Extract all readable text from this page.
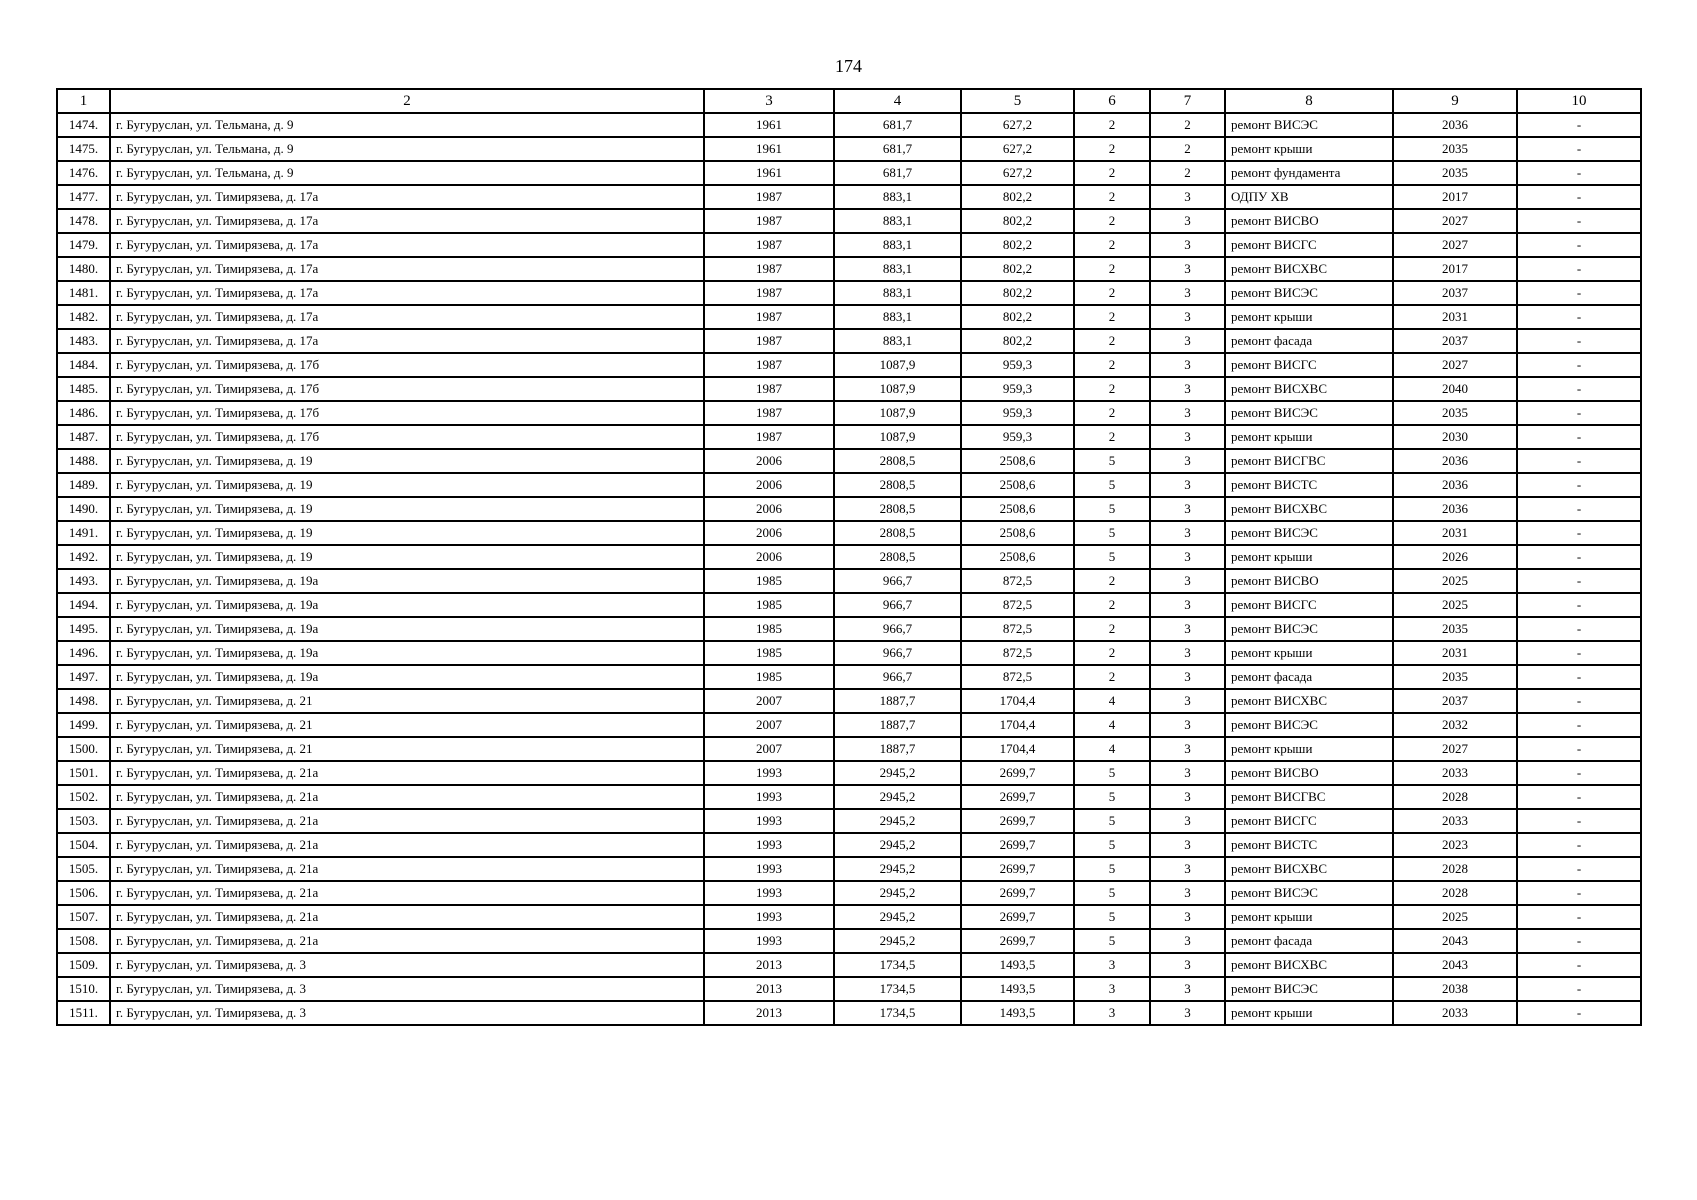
174
1	2	3	4	5	6	7	8	9	10
1474.	г. Бугуруслан, ул. Тельмана, д. 9	1961	681,7	627,2	2	2	ремонт ВИСЭС	2036	-
1475.	г. Бугуруслан, ул. Тельмана, д. 9	1961	681,7	627,2	2	2	ремонт крыши	2035	-
1476.	г. Бугуруслан, ул. Тельмана, д. 9	1961	681,7	627,2	2	2	ремонт фундамента	2035	-
1477.	г. Бугуруслан, ул. Тимирязева, д. 17а	1987	883,1	802,2	2	3	ОДПУ ХВ	2017	-
1478.	г. Бугуруслан, ул. Тимирязева, д. 17а	1987	883,1	802,2	2	3	ремонт ВИСВО	2027	-
1479.	г. Бугуруслан, ул. Тимирязева, д. 17а	1987	883,1	802,2	2	3	ремонт ВИСГС	2027	-
1480.	г. Бугуруслан, ул. Тимирязева, д. 17а	1987	883,1	802,2	2	3	ремонт ВИСХВС	2017	-
1481.	г. Бугуруслан, ул. Тимирязева, д. 17а	1987	883,1	802,2	2	3	ремонт ВИСЭС	2037	-
1482.	г. Бугуруслан, ул. Тимирязева, д. 17а	1987	883,1	802,2	2	3	ремонт крыши	2031	-
1483.	г. Бугуруслан, ул. Тимирязева, д. 17а	1987	883,1	802,2	2	3	ремонт фасада	2037	-
1484.	г. Бугуруслан, ул. Тимирязева, д. 17б	1987	1087,9	959,3	2	3	ремонт ВИСГС	2027	-
1485.	г. Бугуруслан, ул. Тимирязева, д. 17б	1987	1087,9	959,3	2	3	ремонт ВИСХВС	2040	-
1486.	г. Бугуруслан, ул. Тимирязева, д. 17б	1987	1087,9	959,3	2	3	ремонт ВИСЭС	2035	-
1487.	г. Бугуруслан, ул. Тимирязева, д. 17б	1987	1087,9	959,3	2	3	ремонт крыши	2030	-
1488.	г. Бугуруслан, ул. Тимирязева, д. 19	2006	2808,5	2508,6	5	3	ремонт ВИСГВС	2036	-
1489.	г. Бугуруслан, ул. Тимирязева, д. 19	2006	2808,5	2508,6	5	3	ремонт ВИСТС	2036	-
1490.	г. Бугуруслан, ул. Тимирязева, д. 19	2006	2808,5	2508,6	5	3	ремонт ВИСХВС	2036	-
1491.	г. Бугуруслан, ул. Тимирязева, д. 19	2006	2808,5	2508,6	5	3	ремонт ВИСЭС	2031	-
1492.	г. Бугуруслан, ул. Тимирязева, д. 19	2006	2808,5	2508,6	5	3	ремонт крыши	2026	-
1493.	г. Бугуруслан, ул. Тимирязева, д. 19а	1985	966,7	872,5	2	3	ремонт ВИСВО	2025	-
1494.	г. Бугуруслан, ул. Тимирязева, д. 19а	1985	966,7	872,5	2	3	ремонт ВИСГС	2025	-
1495.	г. Бугуруслан, ул. Тимирязева, д. 19а	1985	966,7	872,5	2	3	ремонт ВИСЭС	2035	-
1496.	г. Бугуруслан, ул. Тимирязева, д. 19а	1985	966,7	872,5	2	3	ремонт крыши	2031	-
1497.	г. Бугуруслан, ул. Тимирязева, д. 19а	1985	966,7	872,5	2	3	ремонт фасада	2035	-
1498.	г. Бугуруслан, ул. Тимирязева, д. 21	2007	1887,7	1704,4	4	3	ремонт ВИСХВС	2037	-
1499.	г. Бугуруслан, ул. Тимирязева, д. 21	2007	1887,7	1704,4	4	3	ремонт ВИСЭС	2032	-
1500.	г. Бугуруслан, ул. Тимирязева, д. 21	2007	1887,7	1704,4	4	3	ремонт крыши	2027	-
1501.	г. Бугуруслан, ул. Тимирязева, д. 21а	1993	2945,2	2699,7	5	3	ремонт ВИСВО	2033	-
1502.	г. Бугуруслан, ул. Тимирязева, д. 21а	1993	2945,2	2699,7	5	3	ремонт ВИСГВС	2028	-
1503.	г. Бугуруслан, ул. Тимирязева, д. 21а	1993	2945,2	2699,7	5	3	ремонт ВИСГС	2033	-
1504.	г. Бугуруслан, ул. Тимирязева, д. 21а	1993	2945,2	2699,7	5	3	ремонт ВИСТС	2023	-
1505.	г. Бугуруслан, ул. Тимирязева, д. 21а	1993	2945,2	2699,7	5	3	ремонт ВИСХВС	2028	-
1506.	г. Бугуруслан, ул. Тимирязева, д. 21а	1993	2945,2	2699,7	5	3	ремонт ВИСЭС	2028	-
1507.	г. Бугуруслан, ул. Тимирязева, д. 21а	1993	2945,2	2699,7	5	3	ремонт крыши	2025	-
1508.	г. Бугуруслан, ул. Тимирязева, д. 21а	1993	2945,2	2699,7	5	3	ремонт фасада	2043	-
1509.	г. Бугуруслан, ул. Тимирязева, д. 3	2013	1734,5	1493,5	3	3	ремонт ВИСХВС	2043	-
1510.	г. Бугуруслан, ул. Тимирязева, д. 3	2013	1734,5	1493,5	3	3	ремонт ВИСЭС	2038	-
1511.	г. Бугуруслан, ул. Тимирязева, д. 3	2013	1734,5	1493,5	3	3	ремонт крыши	2033	-
